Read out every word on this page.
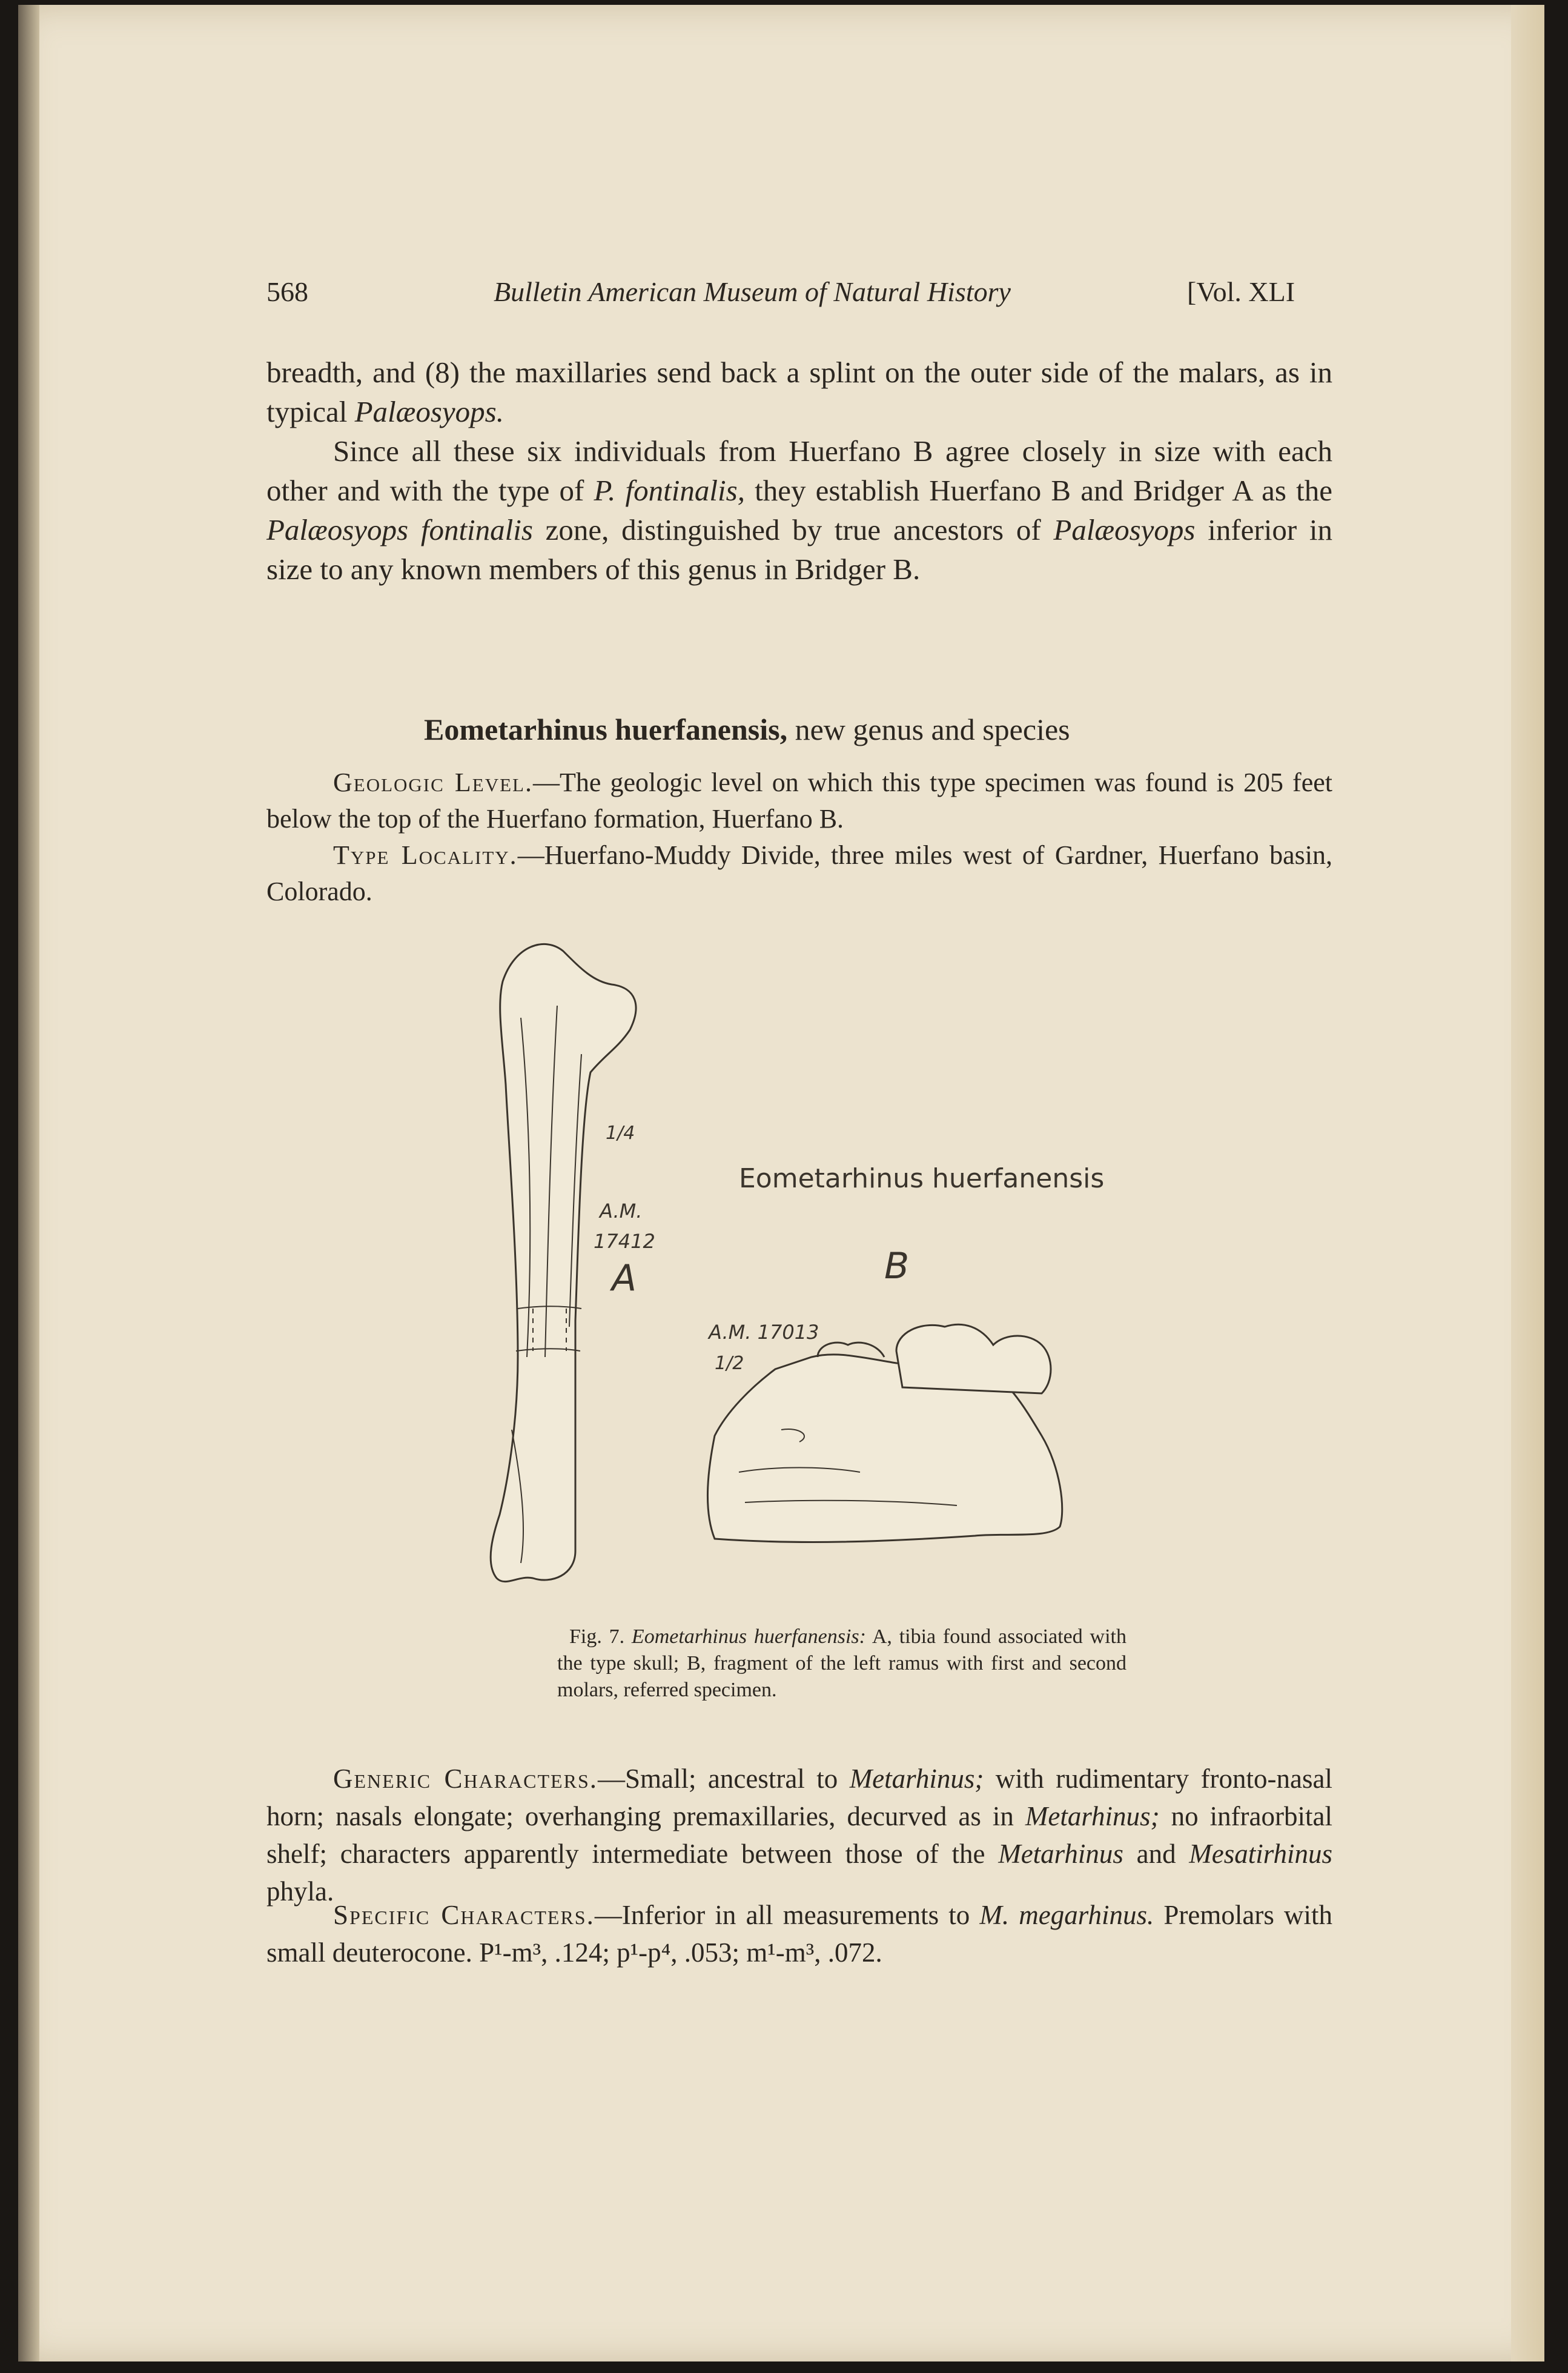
568	Bulletin American Museum of Natural History	[Vol. XLI

breadth, and (8) the maxillaries send back a splint on the outer side of the malars, as in typical Palæosyops.

Since all these six individuals from Huerfano B agree closely in size with each other and with the type of P. fontinalis, they establish Huerfano B and Bridger A as the Palæosyops fontinalis zone, distinguished by true ancestors of Palæosyops inferior in size to any known members of this genus in Bridger B.

Eometarhinus huerfanensis, new genus and species

Geologic Level.—The geologic level on which this type specimen was found is 205 feet below the top of the Huerfano formation, Huerfano B.

Type Locality.—Huerfano-Muddy Divide, three miles west of Gardner, Huerfano basin, Colorado.

A
A.M.
17412
1/4
Eometarhinus huerfanensis
B
A.M. 17013
1/2

Fig. 7. Eometarhinus huerfanensis: A, tibia found associated with the type skull; B, fragment of the left ramus with first and second molars, referred specimen.

Generic Characters.—Small; ancestral to Metarhinus; with rudimentary fronto-nasal horn; nasals elongate; overhanging premaxillaries, decurved as in Metarhinus; no infraorbital shelf; characters apparently intermediate between those of the Metarhinus and Mesatirhinus phyla.

Specific Characters.—Inferior in all measurements to M. megarhinus. Premolars with small deuterocone. P¹-m³, .124; p¹-p⁴, .053; m¹-m³, .072.
